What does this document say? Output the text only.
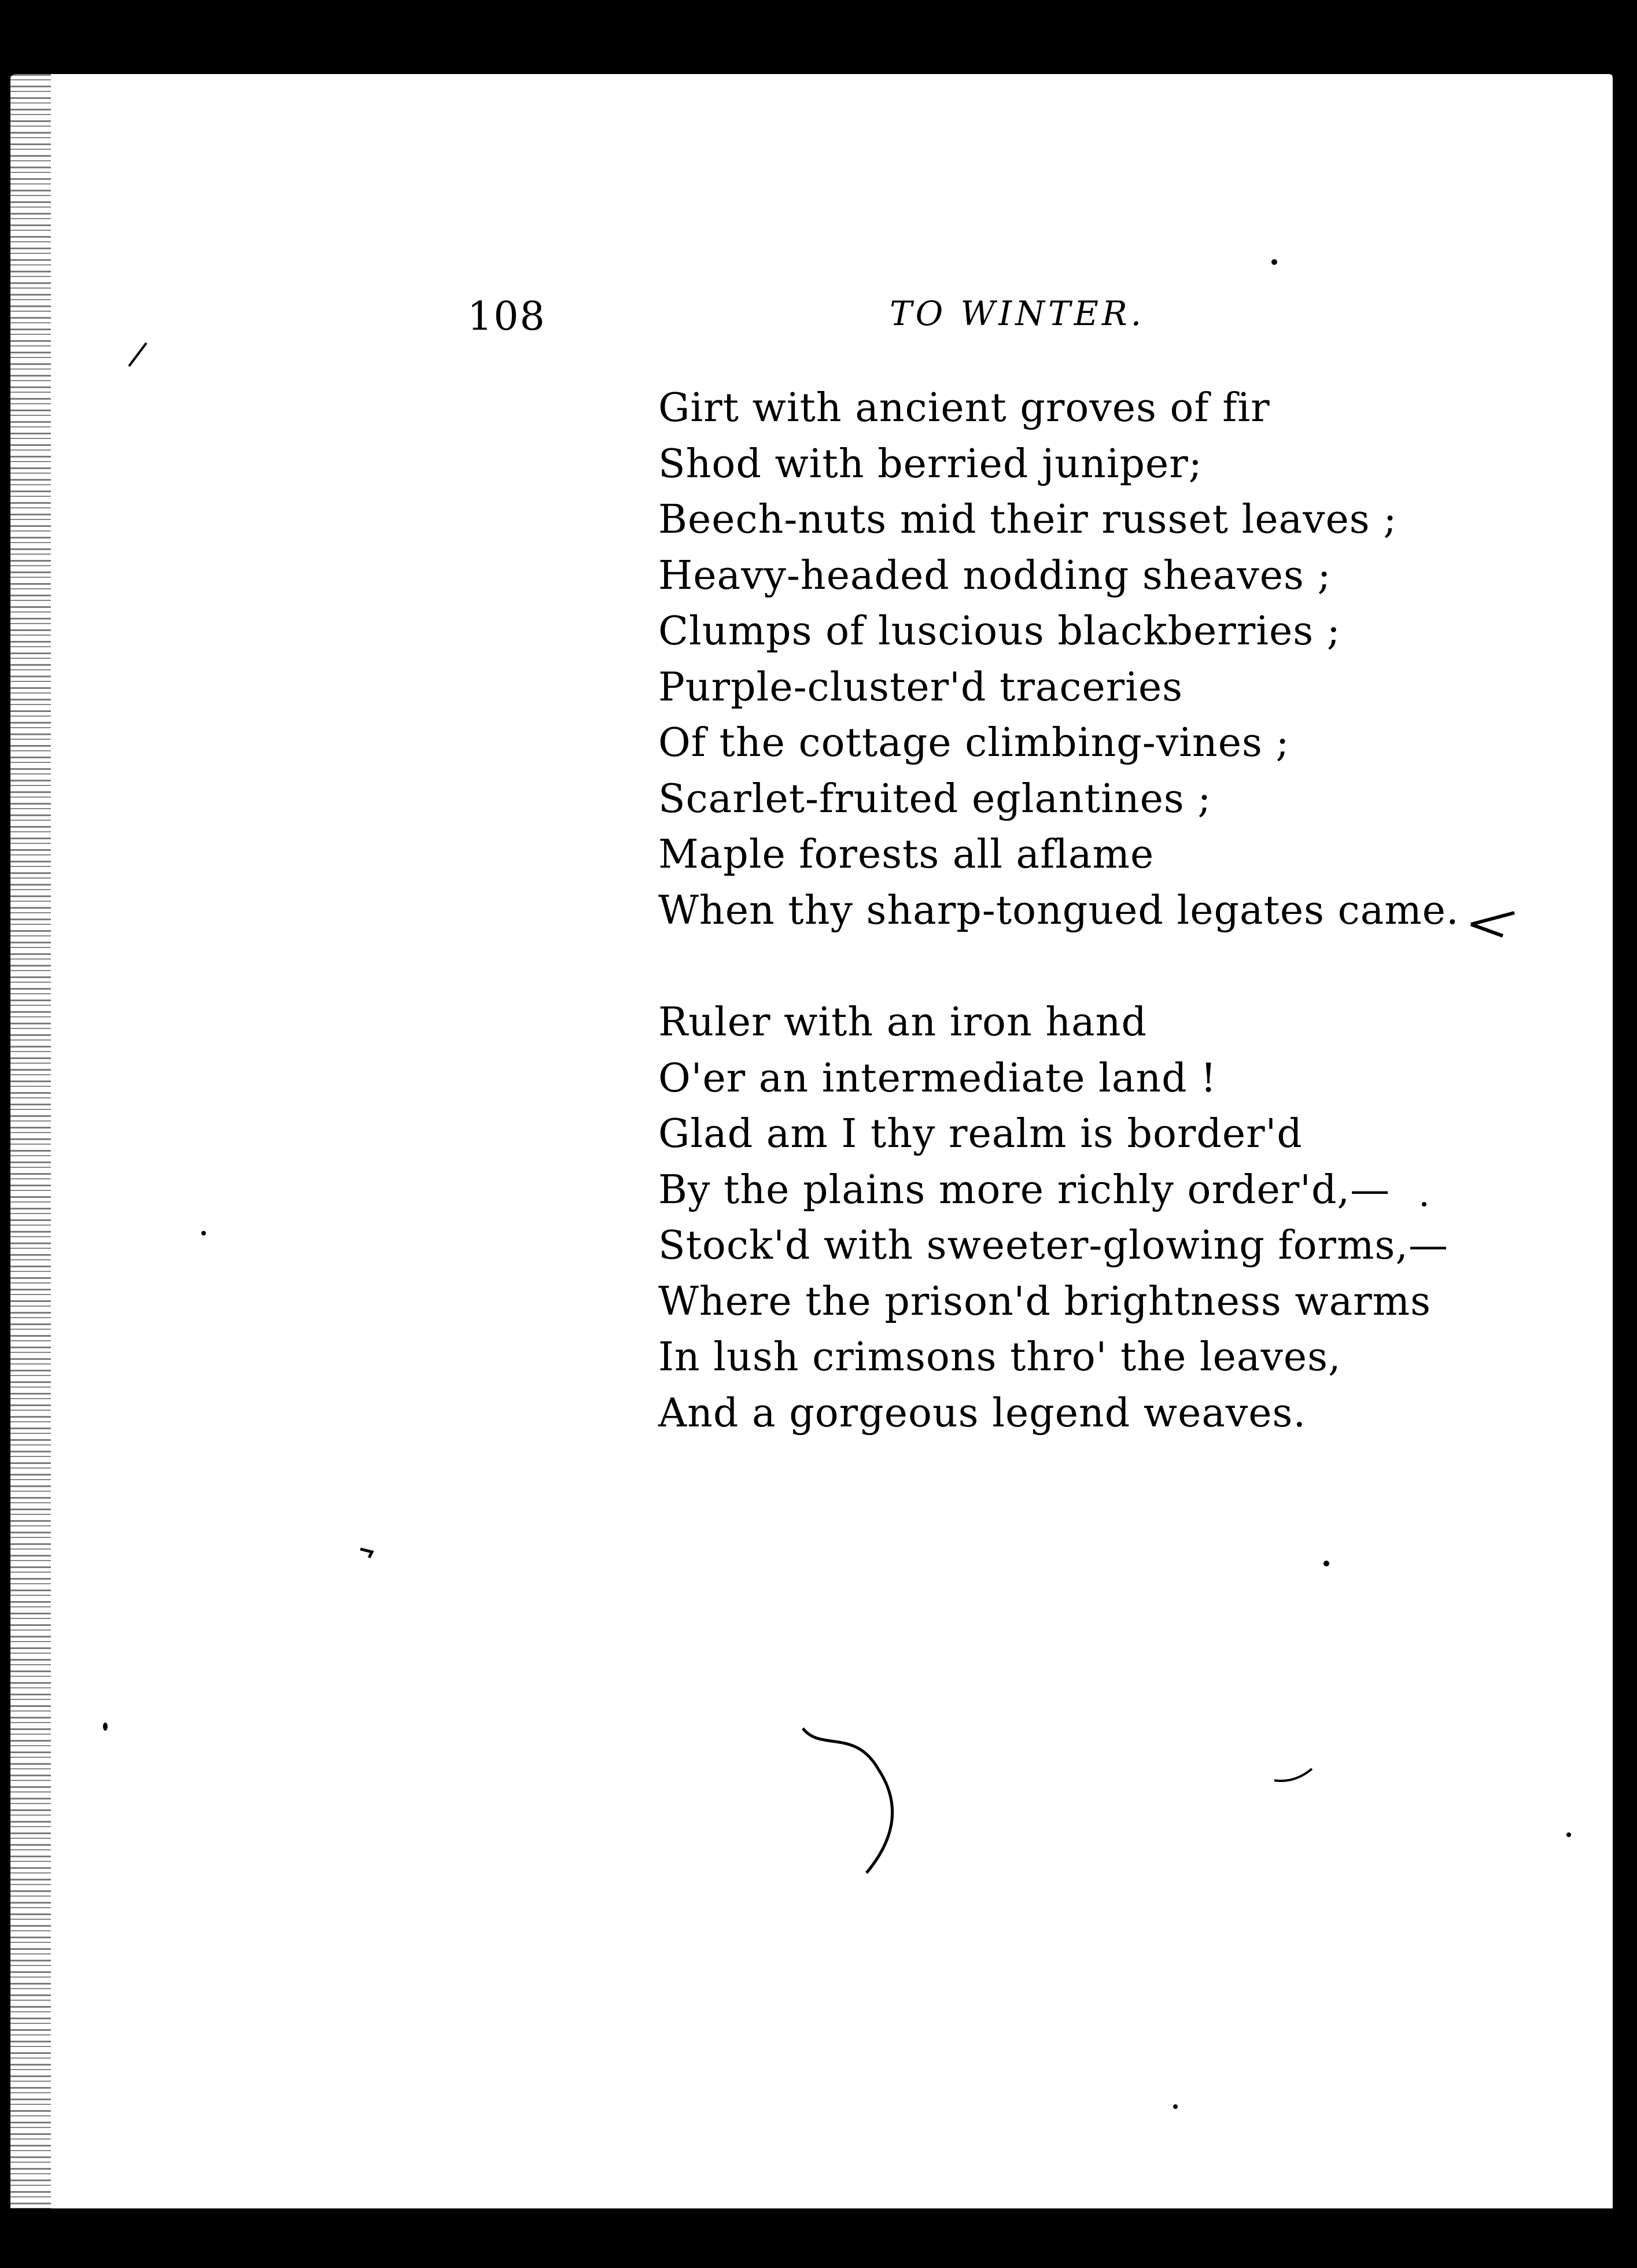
108	TO WINTER.
Girt with ancient groves of fir
Shod with berried juniper;
Beech-nuts mid their russet leaves ;
Heavy-headed nodding sheaves ;
Clumps of luscious blackberries ;
Purple-cluster'd traceries
Of the cottage climbing-vines ;
Scarlet-fruited eglantines ;
Maple forests all aflame
When thy sharp-tongued legates came.
Ruler with an iron hand
O'er an intermediate land !
Glad am I thy realm is border'd
By the plains more richly order'd,—
Stock'd with sweeter-glowing forms,—
Where the prison'd brightness warms
In lush crimsons thro' the leaves,
And a gorgeous legend weaves.
